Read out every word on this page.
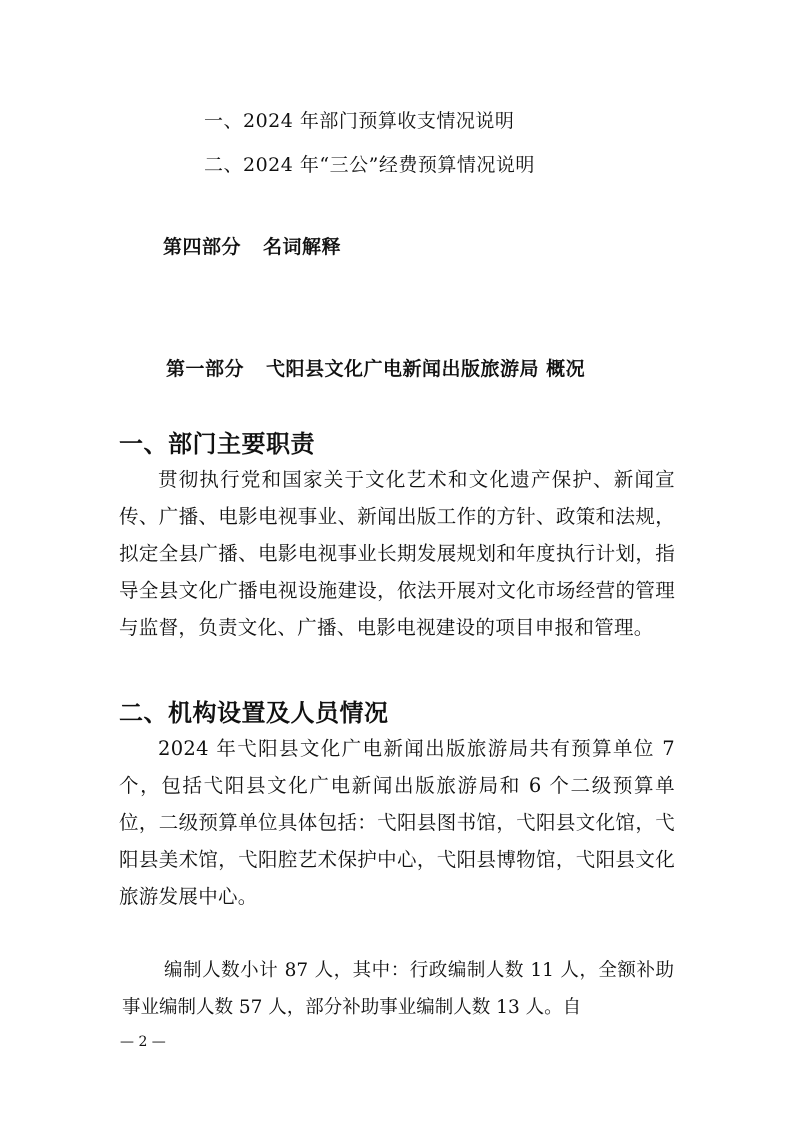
一、2024 年部门预算收支情况说明
二、2024 年“三公”经费预算情况说明
第四部分 名词解释
第一部分 弋阳县文化广电新闻出版旅游局 概况
一、部门主要职责
贯彻执行党和国家关于文化艺术和文化遗产保护、新闻宣传、广播、电影电视事业、新闻出版工作的方针、政策和法规，拟定全县广播、电影电视事业长期发展规划和年度执行计划，指导全县文化广播电视设施建设，依法开展对文化市场经营的管理与监督，负责文化、广播、电影电视建设的项目申报和管理。
二、机构设置及人员情况
2024 年弋阳县文化广电新闻出版旅游局共有预算单位 7 个，包括弋阳县文化广电新闻出版旅游局和 6 个二级预算单位，二级预算单位具体包括：弋阳县图书馆，弋阳县文化馆，弋阳县美术馆，弋阳腔艺术保护中心，弋阳县博物馆，弋阳县文化旅游发展中心。
编制人数小计 87 人，其中：行政编制人数 11 人，全额补助事业编制人数 57 人，部分补助事业编制人数 13 人。自
— 2 —
